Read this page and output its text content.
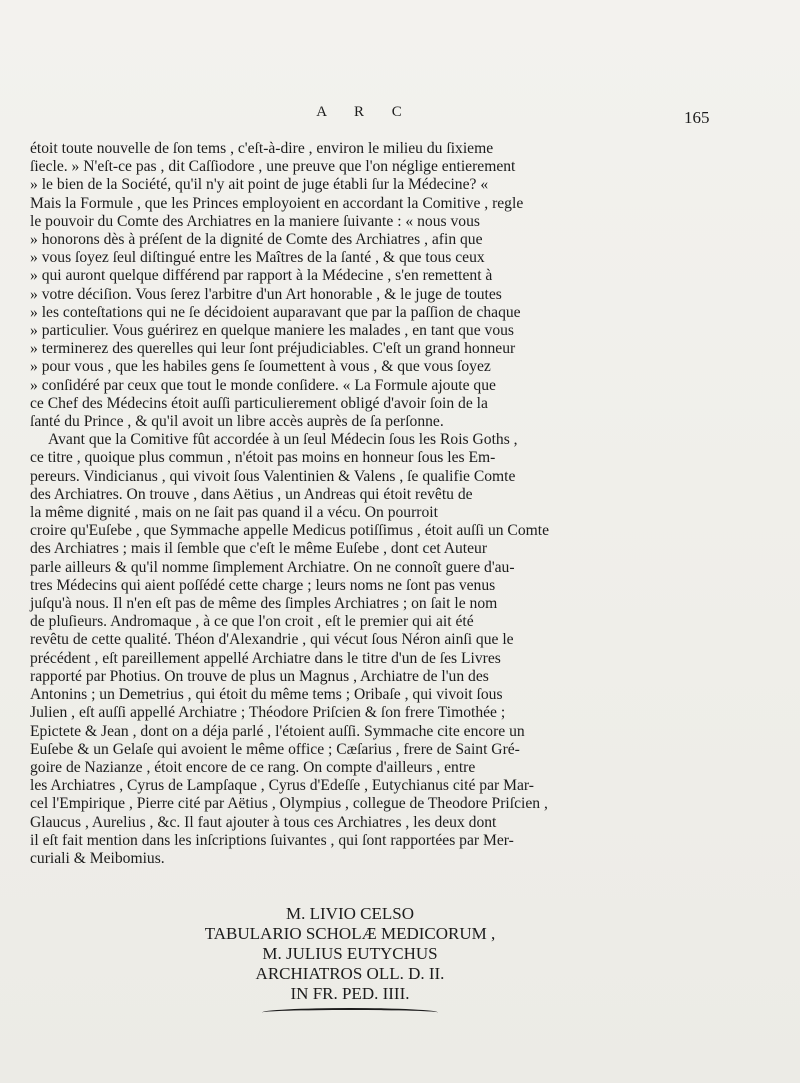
A R C	165
étoit toute nouvelle de ſon tems , c'eſt-à-dire , environ le milieu du ſixieme
ſiecle. » N'eſt-ce pas , dit Caſſiodore , une preuve que l'on néglige entierement
» le bien de la Société, qu'il n'y ait point de juge établi ſur la Médecine? «
Mais la Formule , que les Princes employoient en accordant la Comitive , regle
le pouvoir du Comte des Archiatres en la maniere ſuivante : « nous vous
» honorons dès à préſent de la dignité de Comte des Archiatres , afin que
» vous ſoyez ſeul diſtingué entre les Maîtres de la ſanté , & que tous ceux
» qui auront quelque différend par rapport à la Médecine , s'en remettent à
» votre déciſion. Vous ſerez l'arbitre d'un Art honorable , & le juge de toutes
» les conteſtations qui ne ſe décidoient auparavant que par la paſſion de chaque
» particulier. Vous guérirez en quelque maniere les malades , en tant que vous
» terminerez des querelles qui leur ſont préjudiciables. C'eſt un grand honneur
» pour vous , que les habiles gens ſe ſoumettent à vous , & que vous ſoyez
» conſidéré par ceux que tout le monde conſidere. « La Formule ajoute que
ce Chef des Médecins étoit auſſi particulierement obligé d'avoir ſoin de la
ſanté du Prince , & qu'il avoit un libre accès auprès de ſa perſonne.
Avant que la Comitive fût accordée à un ſeul Médecin ſous les Rois Goths ,
ce titre , quoique plus commun , n'étoit pas moins en honneur ſous les Em-
pereurs. Vindicianus , qui vivoit ſous Valentinien & Valens , ſe qualifie Comte
des Archiatres. On trouve , dans Aëtius , un Andreas qui étoit revêtu de
la même dignité , mais on ne ſait pas quand il a vécu. On pourroit
croire qu'Euſebe , que Symmache appelle Medicus potiſſimus , étoit auſſi un Comte
des Archiatres ; mais il ſemble que c'eſt le même Euſebe , dont cet Auteur
parle ailleurs & qu'il nomme ſimplement Archiatre. On ne connoît guere d'au-
tres Médecins qui aient poſſédé cette charge ; leurs noms ne ſont pas venus
juſqu'à nous. Il n'en eſt pas de même des ſimples Archiatres ; on ſait le nom
de pluſieurs. Andromaque , à ce que l'on croit , eſt le premier qui ait été
revêtu de cette qualité. Théon d'Alexandrie , qui vécut ſous Néron ainſi que le
précédent , eſt pareillement appellé Archiatre dans le titre d'un de ſes Livres
rapporté par Photius. On trouve de plus un Magnus , Archiatre de l'un des
Antonins ; un Demetrius , qui étoit du même tems ; Oribaſe , qui vivoit ſous
Julien , eſt auſſi appellé Archiatre ; Théodore Priſcien & ſon frere Timothée ;
Epictete & Jean , dont on a déja parlé , l'étoient auſſi. Symmache cite encore un
Euſebe & un Gelaſe qui avoient le même office ; Cæſarius , frere de Saint Gré-
goire de Nazianze , étoit encore de ce rang. On compte d'ailleurs , entre
les Archiatres , Cyrus de Lampſaque , Cyrus d'Edeſſe , Eutychianus cité par Mar-
cel l'Empirique , Pierre cité par Aëtius , Olympius , collegue de Theodore Priſcien ,
Glaucus , Aurelius , &c. Il faut ajouter à tous ces Archiatres , les deux dont
il eſt fait mention dans les inſcriptions ſuivantes , qui ſont rapportées par Mer-
curiali & Meibomius.
M. LIVIO CELSO
TABULARIO SCHOLÆ MEDICORUM ,
M. JULIUS EUTYCHUS
ARCHIATROS OLL. D. II.
IN FR. PED. IIII.
